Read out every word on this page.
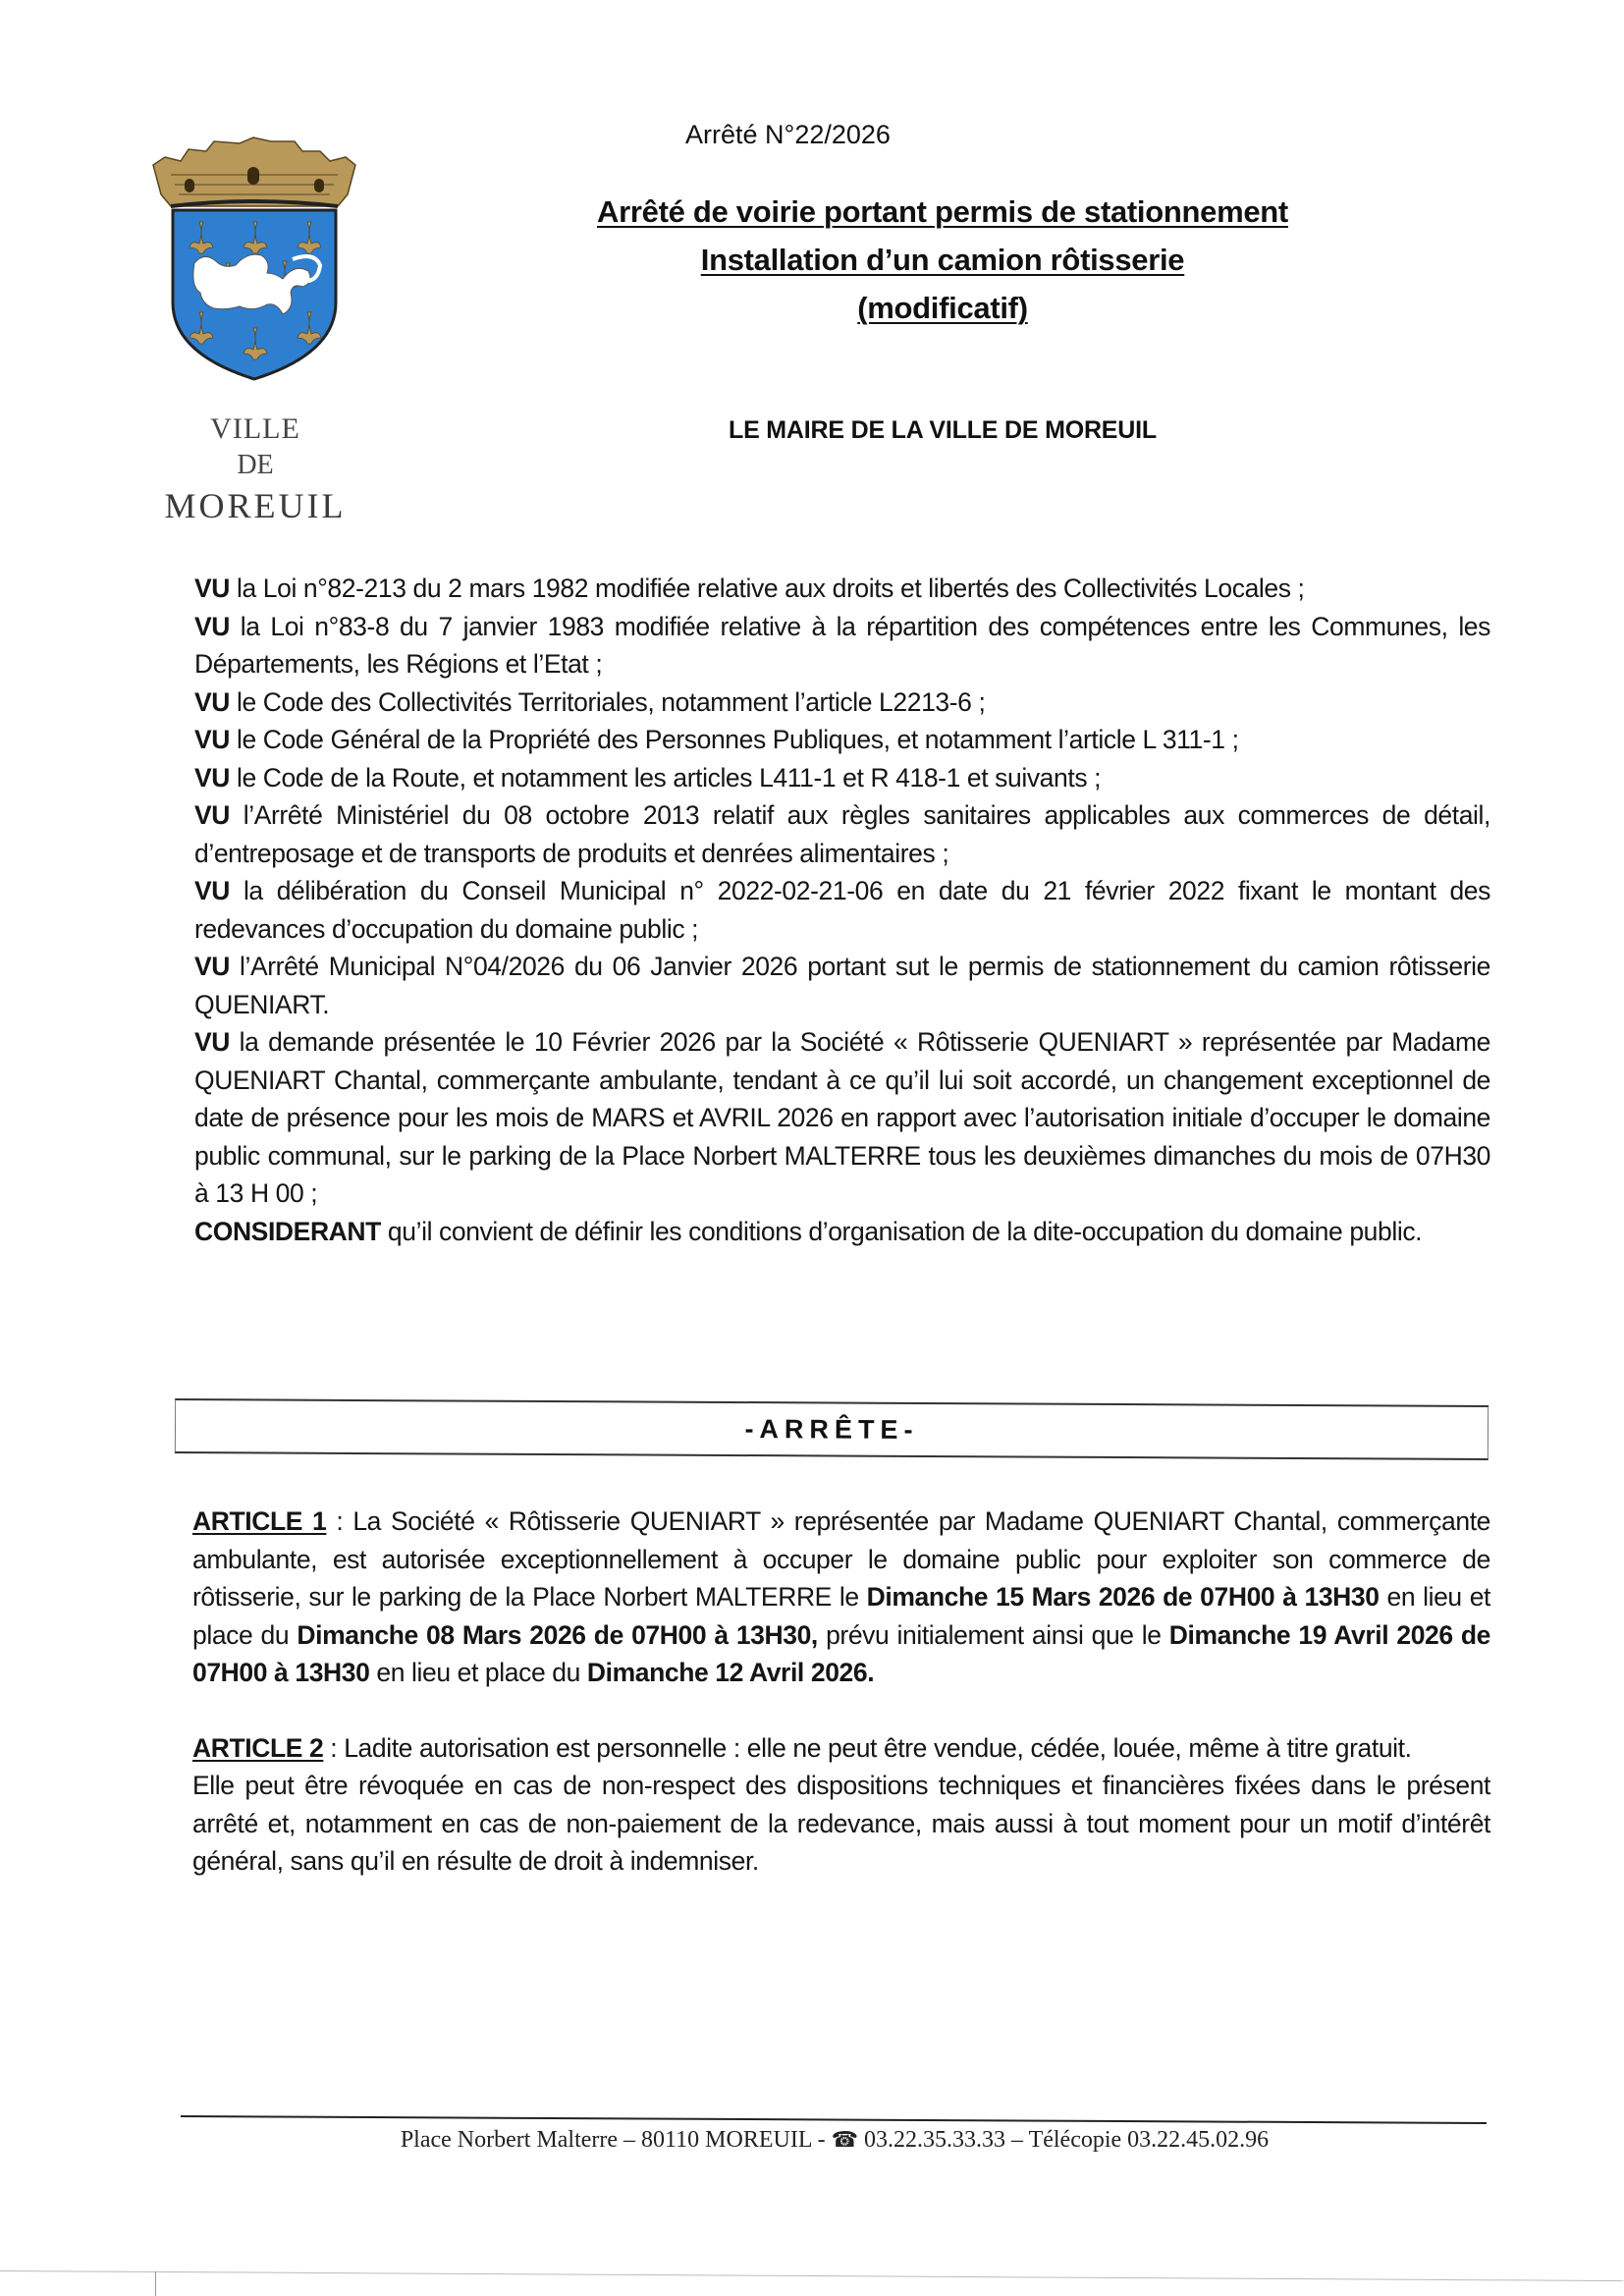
VILLE
DE
MOREUIL
Arrêté N°22/2026
Arrêté de voirie portant permis de stationnement
Installation d’un camion rôtisserie
(modificatif)
LE MAIRE DE LA VILLE DE MOREUIL

VU la Loi n°82-213 du 2 mars 1982 modifiée relative aux droits et libertés des Collectivités Locales ;

VU la Loi n°83-8 du 7 janvier 1983 modifiée relative à la répartition des compétences entre les Communes, les Départements, les Régions et l’Etat ;

VU le Code des Collectivités Territoriales, notamment l’article L2213-6 ;

VU le Code Général de la Propriété des Personnes Publiques, et notamment l’article L 311-1 ;

VU le Code de la Route, et notamment les articles L411-1 et R 418-1 et suivants ;

VU l’Arrêté Ministériel du 08 octobre 2013 relatif aux règles sanitaires applicables aux commerces de détail, d’entreposage et de transports de produits et denrées alimentaires ;

VU la délibération du Conseil Municipal n° 2022-02-21-06 en date du 21 février 2022 fixant le montant des redevances d’occupation du domaine public ;

VU l’Arrêté Municipal N°04/2026 du 06 Janvier 2026 portant sut le permis de stationnement du camion rôtisserie QUENIART.

VU la demande présentée le 10 Février 2026 par la Société « Rôtisserie QUENIART » représentée par Madame QUENIART Chantal, commerçante ambulante, tendant à ce qu’il lui soit accordé, un changement exceptionnel de date de présence pour les mois de MARS et AVRIL 2026 en rapport avec l’autorisation initiale d’occuper le domaine public communal, sur le parking de la Place Norbert MALTERRE tous les deuxièmes dimanches du mois de 07H30 à 13 H 00 ;

CONSIDERANT qu’il convient de définir les conditions d’organisation de la dite-occupation du domaine public.

-ARRÊTE-

ARTICLE 1 : La Société « Rôtisserie QUENIART » représentée par Madame QUENIART Chantal, commerçante ambulante, est autorisée exceptionnellement à occuper le domaine public pour exploiter son commerce de rôtisserie, sur le parking de la Place Norbert MALTERRE le Dimanche 15 Mars 2026 de 07H00 à 13H30 en lieu et place du Dimanche 08 Mars 2026 de 07H00 à 13H30, prévu initialement ainsi que le Dimanche 19 Avril 2026 de 07H00 à 13H30 en lieu et place du Dimanche 12 Avril 2026.

ARTICLE 2 : Ladite autorisation est personnelle : elle ne peut être vendue, cédée, louée, même à titre gratuit.

Elle peut être révoquée en cas de non-respect des dispositions techniques et financières fixées dans le présent arrêté et, notamment en cas de non-paiement de la redevance, mais aussi à tout moment pour un motif d’intérêt général, sans qu’il en résulte de droit à indemniser.

Place Norbert Malterre – 80110 MOREUIL - ☎ 03.22.35.33.33 – Télécopie 03.22.45.02.96
